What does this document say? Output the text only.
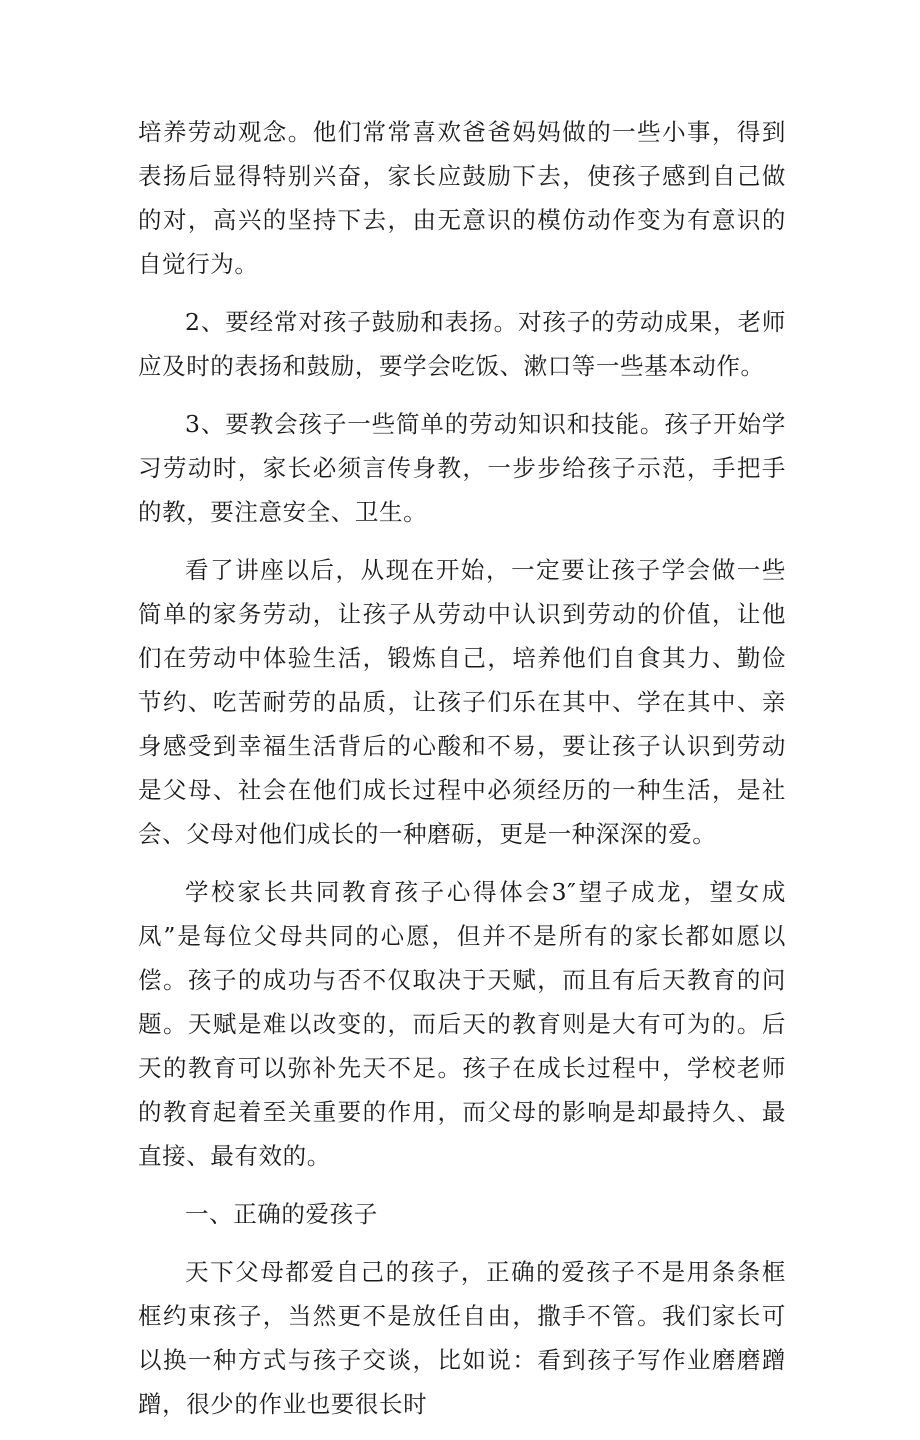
培养劳动观念。他们常常喜欢爸爸妈妈做的一些小事，得到表扬后显得特别兴奋，家长应鼓励下去，使孩子感到自己做的对，高兴的坚持下去，由无意识的模仿动作变为有意识的自觉行为。

2、要经常对孩子鼓励和表扬。对孩子的劳动成果，老师应及时的表扬和鼓励，要学会吃饭、漱口等一些基本动作。

3、要教会孩子一些简单的劳动知识和技能。孩子开始学习劳动时，家长必须言传身教，一步步给孩子示范，手把手的教，要注意安全、卫生。

看了讲座以后，从现在开始，一定要让孩子学会做一些简单的家务劳动，让孩子从劳动中认识到劳动的价值，让他们在劳动中体验生活，锻炼自己，培养他们自食其力、勤俭节约、吃苦耐劳的品质，让孩子们乐在其中、学在其中、亲身感受到幸福生活背后的心酸和不易，要让孩子认识到劳动是父母、社会在他们成长过程中必须经历的一种生活，是社会、父母对他们成长的一种磨砺，更是一种深深的爱。

学校家长共同教育孩子心得体会3″望子成龙，望女成凤”是每位父母共同的心愿，但并不是所有的家长都如愿以偿。孩子的成功与否不仅取决于天赋，而且有后天教育的问题。天赋是难以改变的，而后天的教育则是大有可为的。后天的教育可以弥补先天不足。孩子在成长过程中，学校老师的教育起着至关重要的作用，而父母的影响是却最持久、最直接、最有效的。

一、正确的爱孩子

天下父母都爱自己的孩子，正确的爱孩子不是用条条框框约束孩子，当然更不是放任自由，撒手不管。我们家长可以换一种方式与孩子交谈，比如说：看到孩子写作业磨磨蹭蹭，很少的作业也要很长时
